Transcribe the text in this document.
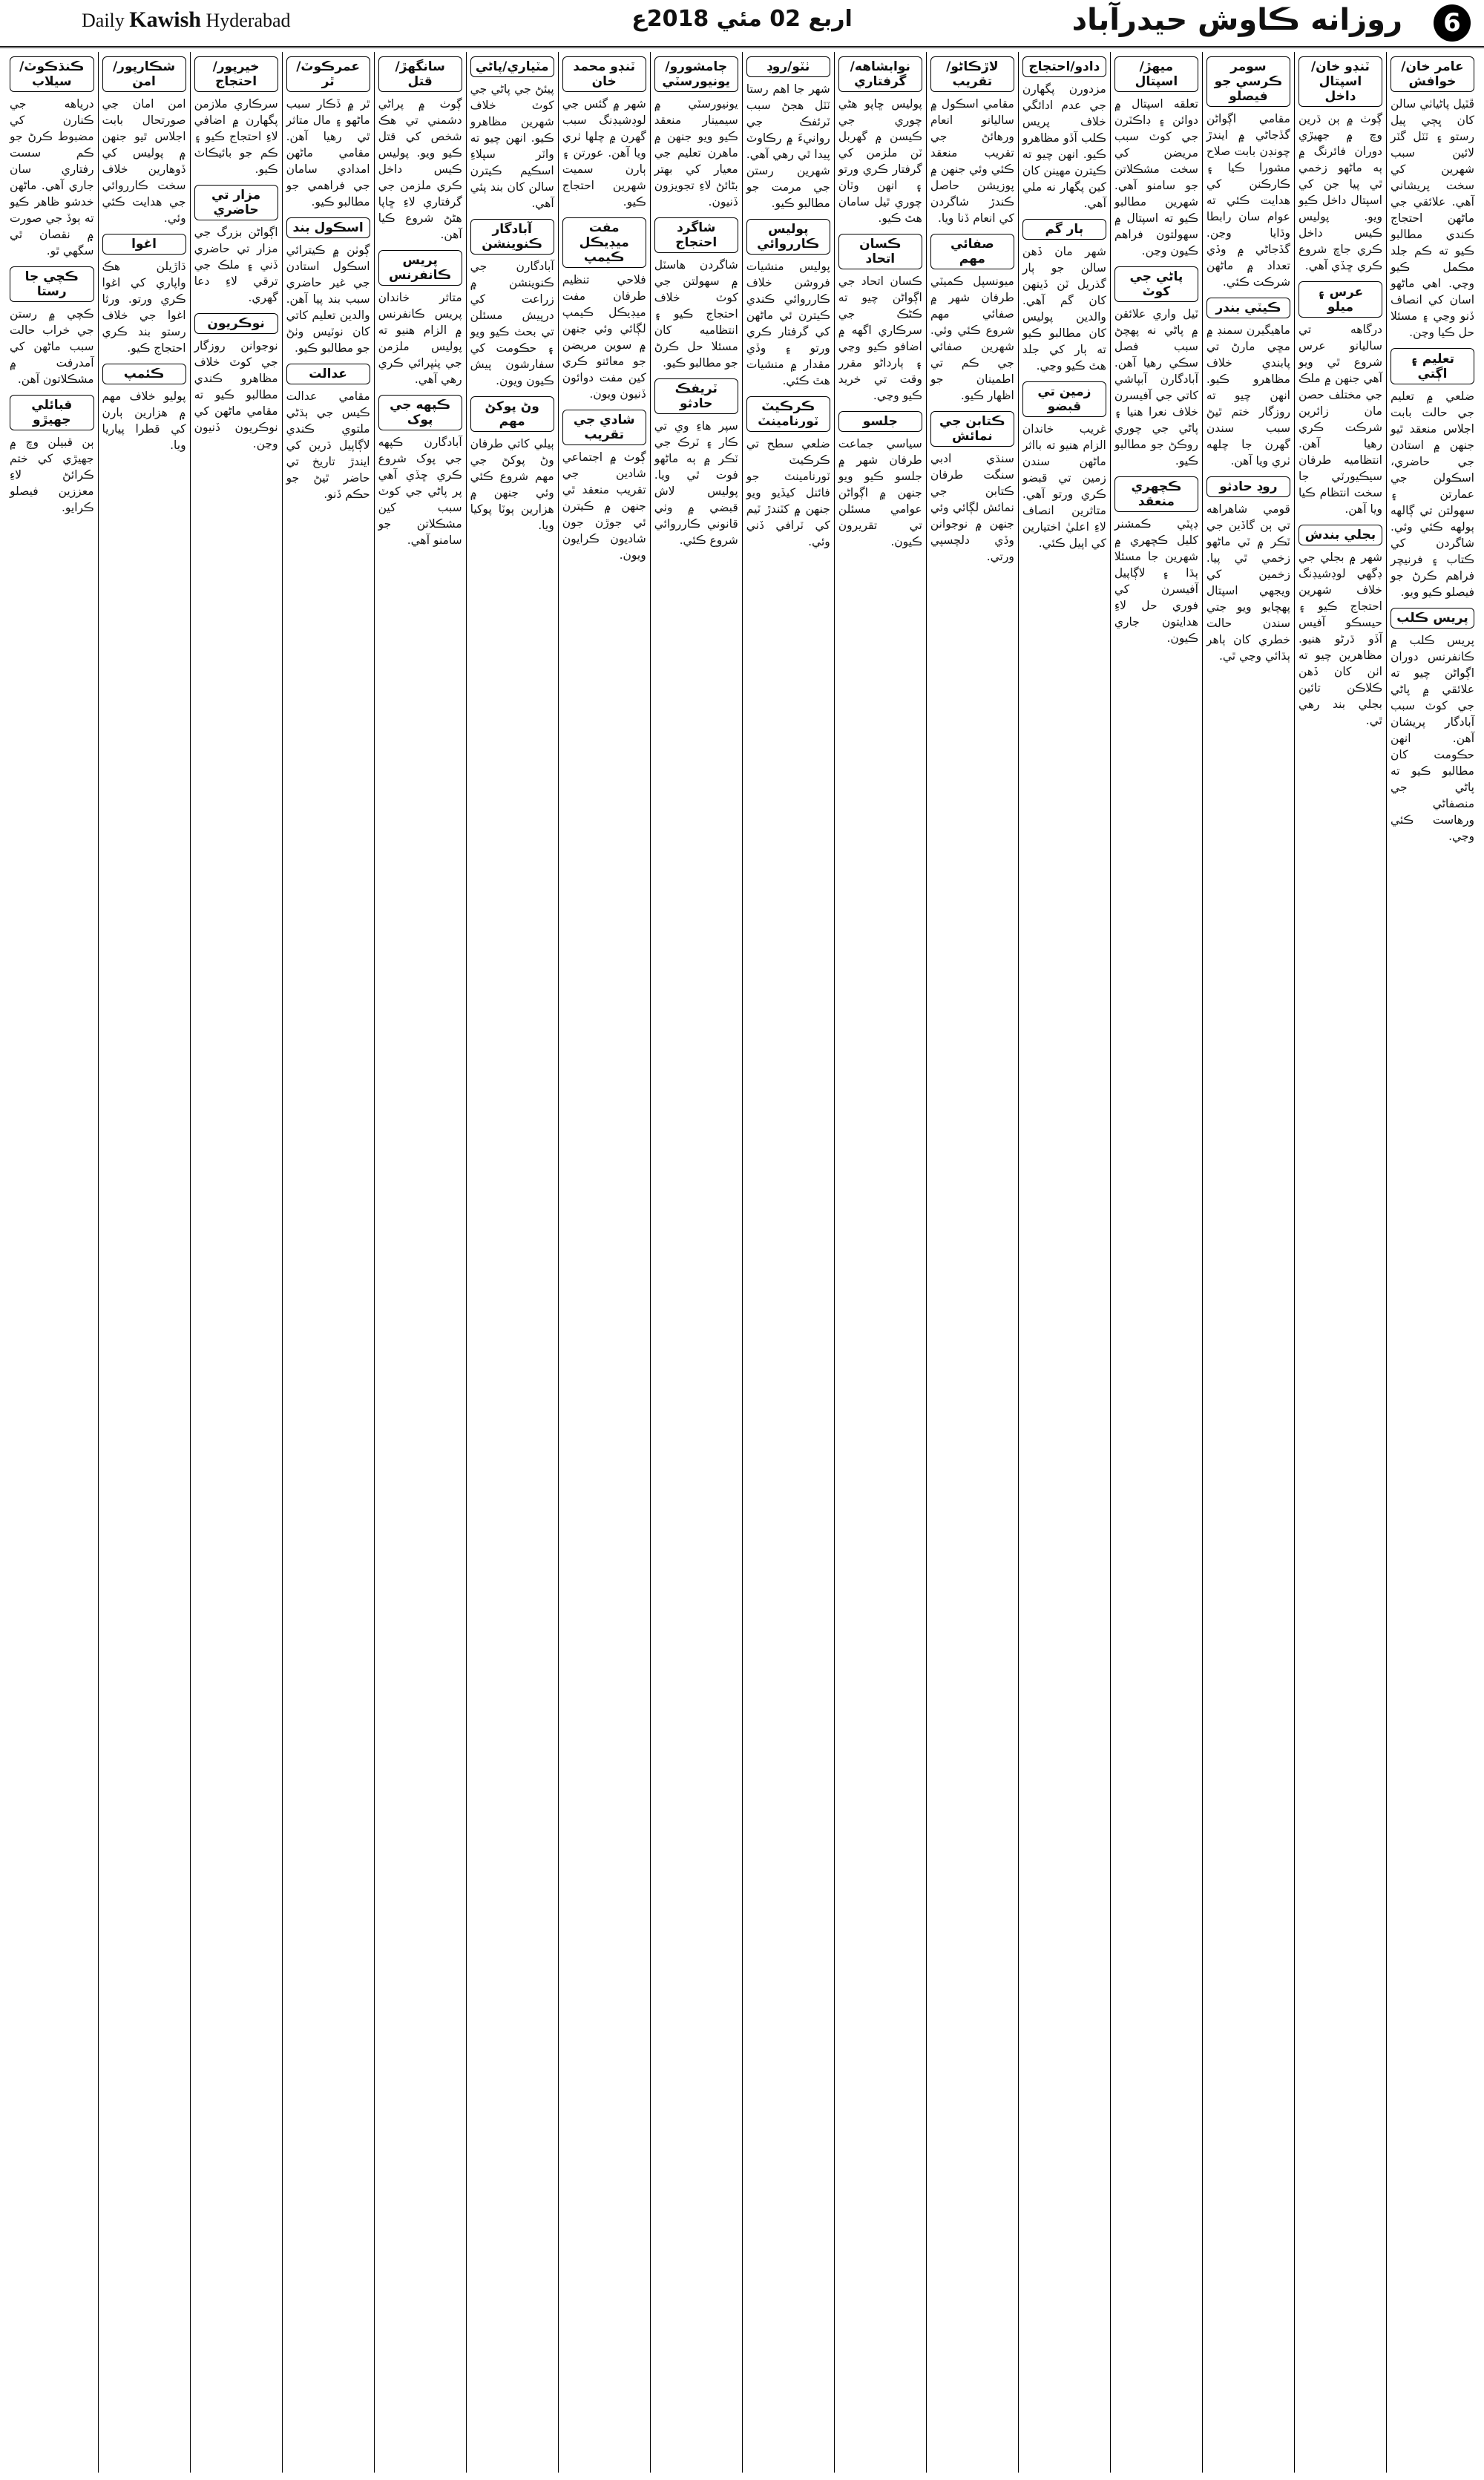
Daily Kawish Hyderabad	اربع 02 مئي 2018ع	روزانه ڪاوش حيدرآباد	6
عامر خان/خوافش
ڦٽيل پاڻياٺي سالن کان ڀڄي پيل رستو ۽ ٽٽل گٽر لائين سبب شهرين کي سخت پريشاني آهي. علائقي جي ماڻهن احتجاج ڪندي مطالبو ڪيو ته ڪم جلد مڪمل ڪيو وڃي. اهي ماڻهو اسان کي انصاف ڏنو وڃي ۽ مسئلا حل ڪيا وڃن.
تعليم ۽ اڳتي
ضلعي ۾ تعليم جي حالت بابت اجلاس منعقد ٿيو جنهن ۾ استادن جي حاضري، اسڪولن جي عمارتن ۽ سهولتن تي ڳالهه ٻولهه ڪئي وئي. شاگردن کي ڪتاب ۽ فرنيچر فراهم ڪرڻ جو فيصلو ڪيو ويو.
پريس ڪلب
پريس ڪلب ۾ ڪانفرنس دوران اڳواڻن چيو ته علائقي ۾ پاڻي جي کوٽ سبب آبادگار پريشان آهن. انهن حڪومت کان مطالبو ڪيو ته پاڻي جي منصفاڻي ورهاست ڪئي وڃي.
ٽنڊو خان/اسپتال داخل
ڳوٺ ۾ ٻن ڌرين وچ ۾ جهيڙي دوران فائرنگ ۾ ٻه ماڻهو زخمي ٿي پيا جن کي اسپتال داخل ڪيو ويو. پوليس ڪيس داخل ڪري جاچ شروع ڪري ڇڏي آهي.
عرس ۽ ميلو
درگاهه تي ساليانو عرس شروع ٿي ويو آهي جنهن ۾ ملڪ جي مختلف حصن مان زائرين شرڪت ڪري رهيا آهن. انتظاميه طرفان سيڪيورٽي جا سخت انتظام ڪيا ويا آهن.
بجلي بندش
شهر ۾ بجلي جي ڊگهي لوڊشيڊنگ خلاف شهرين احتجاج ڪيو ۽ حيسڪو آفيس آڏو ڌرڻو هنيو. مظاهرين چيو ته اٺن کان ڏهن ڪلاڪن تائين بجلي بند رهي ٿي.
سومر ڪرسي جو فيصلو
مقامي اڳواڻن گڏجاڻي ۾ ايندڙ چونڊن بابت صلاح مشورا ڪيا ۽ ڪارڪنن کي هدايت ڪئي ته عوام سان رابطا وڌايا وڃن. گڏجاڻي ۾ وڏي تعداد ۾ ماڻهن شرڪت ڪئي.
ڪيٽي بندر
ماهيگيرن سمنڊ ۾ مڇي مارڻ تي پابندي خلاف مظاهرو ڪيو. انهن چيو ته روزگار ختم ٿيڻ سبب سندن گهرن جا چلهه ٺري ويا آهن.
روڊ حادثو
قومي شاهراهه تي ٻن گاڏين جي ٽڪر ۾ ٽي ماڻهو زخمي ٿي پيا. زخمين کي ويجهي اسپتال پهچايو ويو جتي سندن حالت خطري کان ٻاهر ٻڌائي وڃي ٿي.
ميهڙ/اسپتال
تعلقه اسپتال ۾ دوائن ۽ ڊاڪٽرن جي کوٽ سبب مريضن کي سخت مشڪلاتن جو سامنو آهي. شهرين مطالبو ڪيو ته اسپتال ۾ سهولتون فراهم ڪيون وڃن.
پاڻي جي کوٽ
ٽيل واري علائقن ۾ پاڻي نه پهچڻ سبب فصل سڪي رهيا آهن. آبادگارن آبپاشي کاتي جي آفيسرن خلاف نعرا هنيا ۽ پاڻي جي چوري روڪڻ جو مطالبو ڪيو.
ڪچهري منعقد
ڊپٽي ڪمشنر کليل ڪچهري ۾ شهرين جا مسئلا ٻڌا ۽ لاڳاپيل آفيسرن کي فوري حل لاءِ هدايتون جاري ڪيون.
دادو/احتجاج
مزدورن پگهارن جي عدم ادائگي خلاف پريس ڪلب آڏو مظاهرو ڪيو. انهن چيو ته ڪيترن مهينن کان کين پگهار نه ملي آهي.
ٻار گم
شهر مان ڏهن سالن جو ٻار گذريل ٽن ڏينهن کان گم آهي. والدين پوليس کان مطالبو ڪيو ته ٻار کي جلد هٿ ڪيو وڃي.
زمين تي قبضو
غريب خاندان الزام هنيو ته بااثر ماڻهن سندن زمين تي قبضو ڪري ورتو آهي. متاثرين انصاف لاءِ اعليٰ اختيارين کي اپيل ڪئي.
لاڙڪاڻو/تقريب
مقامي اسڪول ۾ ساليانو انعام ورهائڻ جي تقريب منعقد ڪئي وئي جنهن ۾ پوزيشن حاصل ڪندڙ شاگردن کي انعام ڏنا ويا.
صفائي مهم
ميونسپل ڪميٽي طرفان شهر ۾ صفائي مهم شروع ڪئي وئي. شهرين صفائي جي ڪم تي اطمينان جو اظهار ڪيو.
ڪتابن جي نمائش
سنڌي ادبي سنگت طرفان ڪتابن جي نمائش لڳائي وئي جنهن ۾ نوجوانن وڏي دلچسپي ورتي.
نوابشاهه/گرفتاري
پوليس ڇاپو هڻي چوري جي ڪيسن ۾ گهربل ٽن ملزمن کي گرفتار ڪري ورتو ۽ انهن وٽان چوري ٿيل سامان هٿ ڪيو.
ڪسان اتحاد
ڪسان اتحاد جي اڳواڻن چيو ته ڪڻڪ جي سرڪاري اگهه ۾ اضافو ڪيو وڃي ۽ ٻارداڻو مقرر وقت تي خريد ڪيو وڃي.
جلسو
سياسي جماعت طرفان شهر ۾ جلسو ڪيو ويو جنهن ۾ اڳواڻن عوامي مسئلن تي تقريرون ڪيون.
ٺٽو/روڊ
شهر جا اهم رستا ٽٽل هجڻ سبب ٽرئفڪ جي روانيءَ ۾ رڪاوٽ پيدا ٿي رهي آهي. شهرين رستن جي مرمت جو مطالبو ڪيو.
پوليس ڪارروائي
پوليس منشيات فروشن خلاف ڪارروائي ڪندي ڪيترن ئي ماڻهن کي گرفتار ڪري ورتو ۽ وڏي مقدار ۾ منشيات هٿ ڪئي.
ڪرڪيٽ ٽورنامينٽ
ضلعي سطح تي ڪرڪيٽ ٽورنامينٽ جو فائنل کيڏيو ويو جنهن ۾ کٽندڙ ٽيم کي ٽرافي ڏني وئي.
ڄامشورو/يونيورسٽي
يونيورسٽي ۾ سيمينار منعقد ڪيو ويو جنهن ۾ ماهرن تعليم جي معيار کي بهتر بڻائڻ لاءِ تجويزون ڏنيون.
شاگرد احتجاج
شاگردن هاسٽل ۾ سهولتن جي کوٽ خلاف احتجاج ڪيو ۽ انتظاميه کان مسئلا حل ڪرڻ جو مطالبو ڪيو.
ٽريفڪ حادثو
سپر هاءِ وي تي ڪار ۽ ٽرڪ جي ٽڪر ۾ ٻه ماڻهو فوت ٿي ويا. پوليس لاش قبضي ۾ وٺي قانوني ڪارروائي شروع ڪئي.
ٽنڊو محمد خان
شهر ۾ گئس جي لوڊشيڊنگ سبب گهرن ۾ چلها ٺري ويا آهن. عورتن ۽ ٻارن سميت شهرين احتجاج ڪيو.
مفت ميڊيڪل ڪيمپ
فلاحي تنظيم طرفان مفت ميڊيڪل ڪيمپ لڳائي وئي جنهن ۾ سوين مريضن جو معائنو ڪري کين مفت دوائون ڏنيون ويون.
شادي جي تقريب
ڳوٺ ۾ اجتماعي شادين جي تقريب منعقد ٿي جنهن ۾ ڪيترن ئي جوڙن جون شاديون ڪرايون ويون.
مٽياري/پاڻي
پيئڻ جي پاڻي جي کوٽ خلاف شهرين مظاهرو ڪيو. انهن چيو ته واٽر سپلاءِ اسڪيم ڪيترن سالن کان بند پئي آهي.
آبادگار ڪنوينشن
آبادگارن جي ڪنوينشن ۾ زراعت کي درپيش مسئلن تي بحث ڪيو ويو ۽ حڪومت کي سفارشون پيش ڪيون ويون.
وڻ پوکڻ مهم
ٻيلي کاتي طرفان وڻ پوکڻ جي مهم شروع ڪئي وئي جنهن ۾ هزارين ٻوٽا پوکيا ويا.
سانگهڙ/قتل
ڳوٺ ۾ پراڻي دشمني تي هڪ شخص کي قتل ڪيو ويو. پوليس ڪيس داخل ڪري ملزمن جي گرفتاري لاءِ ڇاپا هڻڻ شروع ڪيا آهن.
پريس ڪانفرنس
متاثر خاندان پريس ڪانفرنس ۾ الزام هنيو ته پوليس ملزمن جي پٺڀرائي ڪري رهي آهي.
ڪپهه جي پوک
آبادگارن ڪپهه جي پوک شروع ڪري ڇڏي آهي پر پاڻي جي کوٽ سبب کين مشڪلاتن جو سامنو آهي.
عمرڪوٽ/ٿر
ٿر ۾ ڏڪار سبب ماڻهو ۽ مال متاثر ٿي رهيا آهن. مقامي ماڻهن امدادي سامان جي فراهمي جو مطالبو ڪيو.
اسڪول بند
ڳوٺن ۾ ڪيترائي اسڪول استادن جي غير حاضري سبب بند پيا آهن. والدين تعليم کاتي کان نوٽيس وٺڻ جو مطالبو ڪيو.
عدالت
مقامي عدالت ڪيس جي ٻڌڻي ملتوي ڪندي لاڳاپيل ڌرين کي ايندڙ تاريخ تي حاضر ٿيڻ جو حڪم ڏنو.
خيرپور/احتجاج
سرڪاري ملازمن پگهارن ۾ اضافي لاءِ احتجاج ڪيو ۽ ڪم جو بائيڪاٽ ڪيو.
مزار تي حاضري
اڳواڻن بزرگ جي مزار تي حاضري ڏني ۽ ملڪ جي ترقي لاءِ دعا گهري.
نوڪريون
نوجوانن روزگار جي کوٽ خلاف مظاهرو ڪندي مطالبو ڪيو ته مقامي ماڻهن کي نوڪريون ڏنيون وڃن.
شڪارپور/امن
امن امان جي صورتحال بابت اجلاس ٿيو جنهن ۾ پوليس کي ڏوهارين خلاف سخت ڪارروائي جي هدايت ڪئي وئي.
اغوا
ڌاڙيلن هڪ واپاري کي اغوا ڪري ورتو. ورثا اغوا جي خلاف رستو بند ڪري احتجاج ڪيو.
ڪئمپ
پوليو خلاف مهم ۾ هزارين ٻارن کي قطرا پياريا ويا.
ڪنڌڪوٽ/سيلاب
درياهه جي ڪنارن کي مضبوط ڪرڻ جو ڪم سست رفتاري سان جاري آهي. ماڻهن خدشو ظاهر ڪيو ته ٻوڏ جي صورت ۾ نقصان ٿي سگهي ٿو.
ڪچي جا رستا
ڪچي ۾ رستن جي خراب حالت سبب ماڻهن کي آمدرفت ۾ مشڪلاتون آهن.
قبائلي جهيڙو
ٻن قبيلن وچ ۾ جهيڙي کي ختم ڪرائڻ لاءِ معززين فيصلو ڪرايو.
